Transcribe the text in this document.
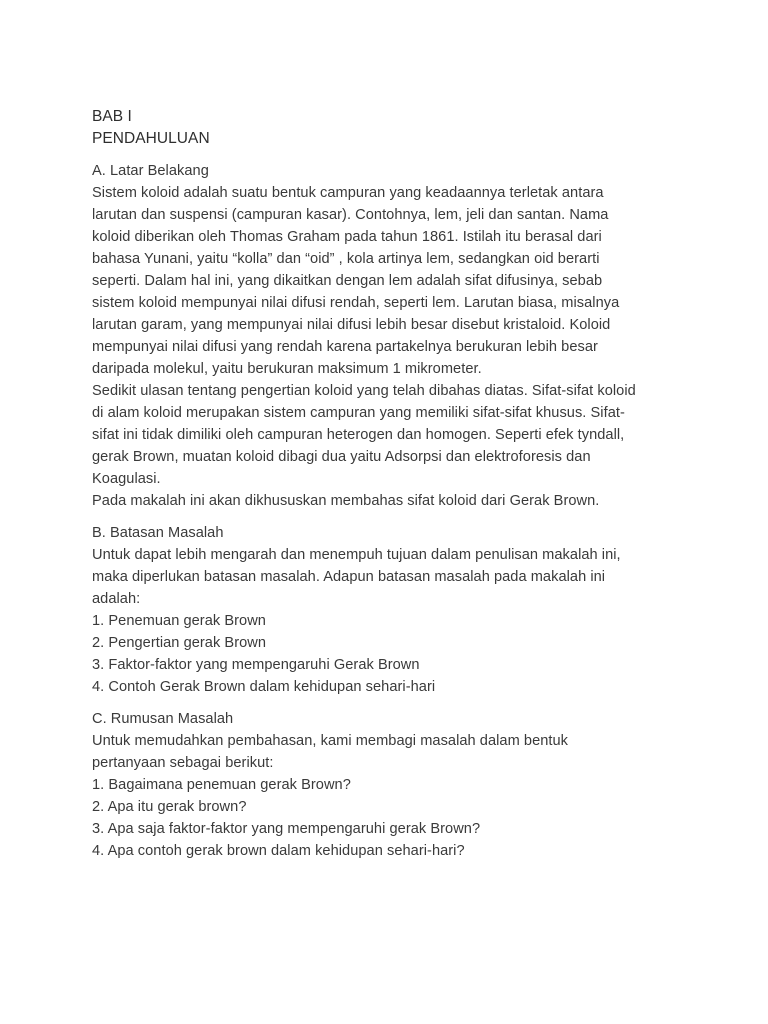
BAB I
PENDAHULUAN
A. Latar Belakang
Sistem koloid adalah suatu bentuk campuran yang keadaannya terletak antara
larutan dan suspensi (campuran kasar). Contohnya, lem, jeli dan santan. Nama
koloid diberikan oleh Thomas Graham pada tahun 1861. Istilah itu berasal dari
bahasa Yunani, yaitu “kolla” dan “oid” , kola artinya lem, sedangkan oid berarti
seperti. Dalam hal ini, yang dikaitkan dengan lem adalah sifat difusinya, sebab
sistem koloid mempunyai nilai difusi rendah, seperti lem. Larutan biasa, misalnya
larutan garam, yang mempunyai nilai difusi lebih besar disebut kristaloid. Koloid
mempunyai nilai difusi yang rendah karena partakelnya berukuran lebih besar
daripada molekul, yaitu berukuran maksimum 1 mikrometer.
Sedikit ulasan tentang pengertian koloid yang telah dibahas diatas. Sifat-sifat koloid
di alam koloid merupakan sistem campuran yang memiliki sifat-sifat khusus. Sifat-
sifat ini tidak dimiliki oleh campuran heterogen dan homogen. Seperti efek tyndall,
gerak Brown, muatan koloid dibagi dua yaitu Adsorpsi dan elektroforesis dan
Koagulasi.
Pada makalah ini akan dikhususkan membahas sifat koloid dari Gerak Brown.
B. Batasan Masalah
Untuk dapat lebih mengarah dan menempuh tujuan dalam penulisan makalah ini,
maka diperlukan batasan masalah. Adapun batasan masalah pada makalah ini
adalah:
1. Penemuan gerak Brown
2. Pengertian gerak Brown
3. Faktor-faktor yang mempengaruhi Gerak Brown
4. Contoh Gerak Brown dalam kehidupan sehari-hari
C. Rumusan Masalah
Untuk memudahkan pembahasan, kami membagi masalah dalam bentuk
pertanyaan sebagai berikut:
1. Bagaimana penemuan gerak Brown?
2. Apa itu gerak brown?
3. Apa saja faktor-faktor yang mempengaruhi gerak Brown?
4. Apa contoh gerak brown dalam kehidupan sehari-hari?
